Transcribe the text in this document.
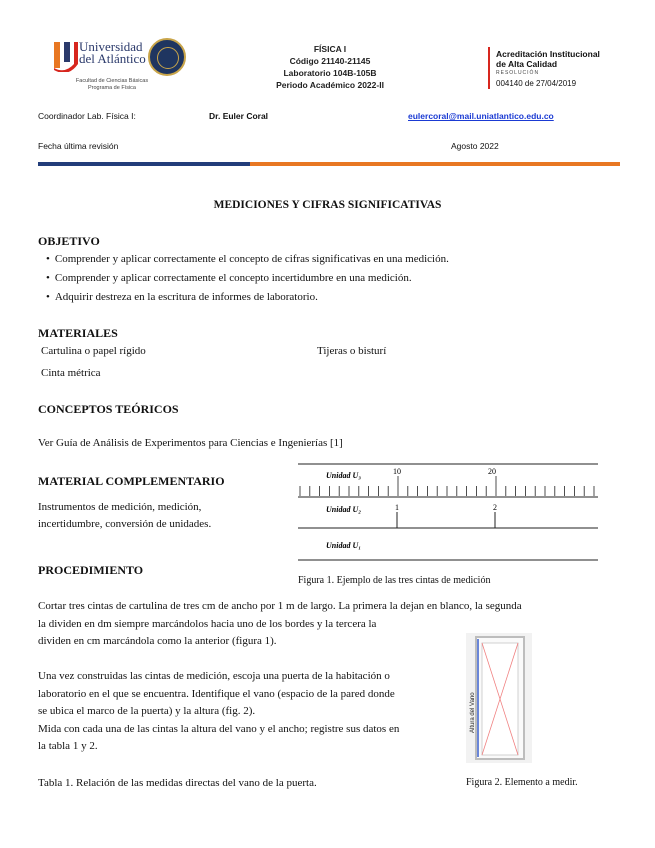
Universidad
del Atlántico
Facultad de Ciencias Básicas
Programa de Física
FÍSICA I
Código 21140-21145
Laboratorio 104B-105B
Periodo Académico 2022-II
Acreditación Institucional
de Alta Calidad
RESOLUCIÓN
004140 de 27/04/2019
Coordinador Lab. Física I:	Dr. Euler Coral	eulercoral@mail.uniatlantico.edu.co
Fecha última revisión	Agosto 2022
MEDICIONES Y CIFRAS SIGNIFICATIVAS
OBJETIVO
• Comprender y aplicar correctamente el concepto de cifras significativas en una medición.
• Comprender y aplicar correctamente el concepto incertidumbre en una medición.
• Adquirir destreza en la escritura de informes de laboratorio.
MATERIALES
Cartulina o papel rígido	Tijeras o bisturí
Cinta métrica
CONCEPTOS TEÓRICOS
Ver Guía de Análisis de Experimentos para Ciencias e Ingenierías [1]
MATERIAL COMPLEMENTARIO
Instrumentos de medición, medición,
incertidumbre, conversión de unidades.
Unidad U₃	10	20
Unidad U₂	1	2
Unidad U₁
Figura 1. Ejemplo de las tres cintas de medición
PROCEDIMIENTO
Cortar tres cintas de cartulina de tres cm de ancho por 1 m de largo. La primera la dejan en blanco, la segunda
la dividen en dm siempre marcándolos hacia uno de los bordes y la tercera la
dividen en cm marcándola como la anterior (figura 1).
Una vez construidas las cintas de medición, escoja una puerta de la habitación o
laboratorio en el que se encuentra. Identifique el vano (espacio de la pared donde
se ubica el marco de la puerta) y la altura (fig. 2).
Mida con cada una de las cintas la altura del vano y el ancho; registre sus datos en
la tabla 1 y 2.
Altura del Vano
Figura 2. Elemento a medir.
Tabla 1. Relación de las medidas directas del vano de la puerta.
